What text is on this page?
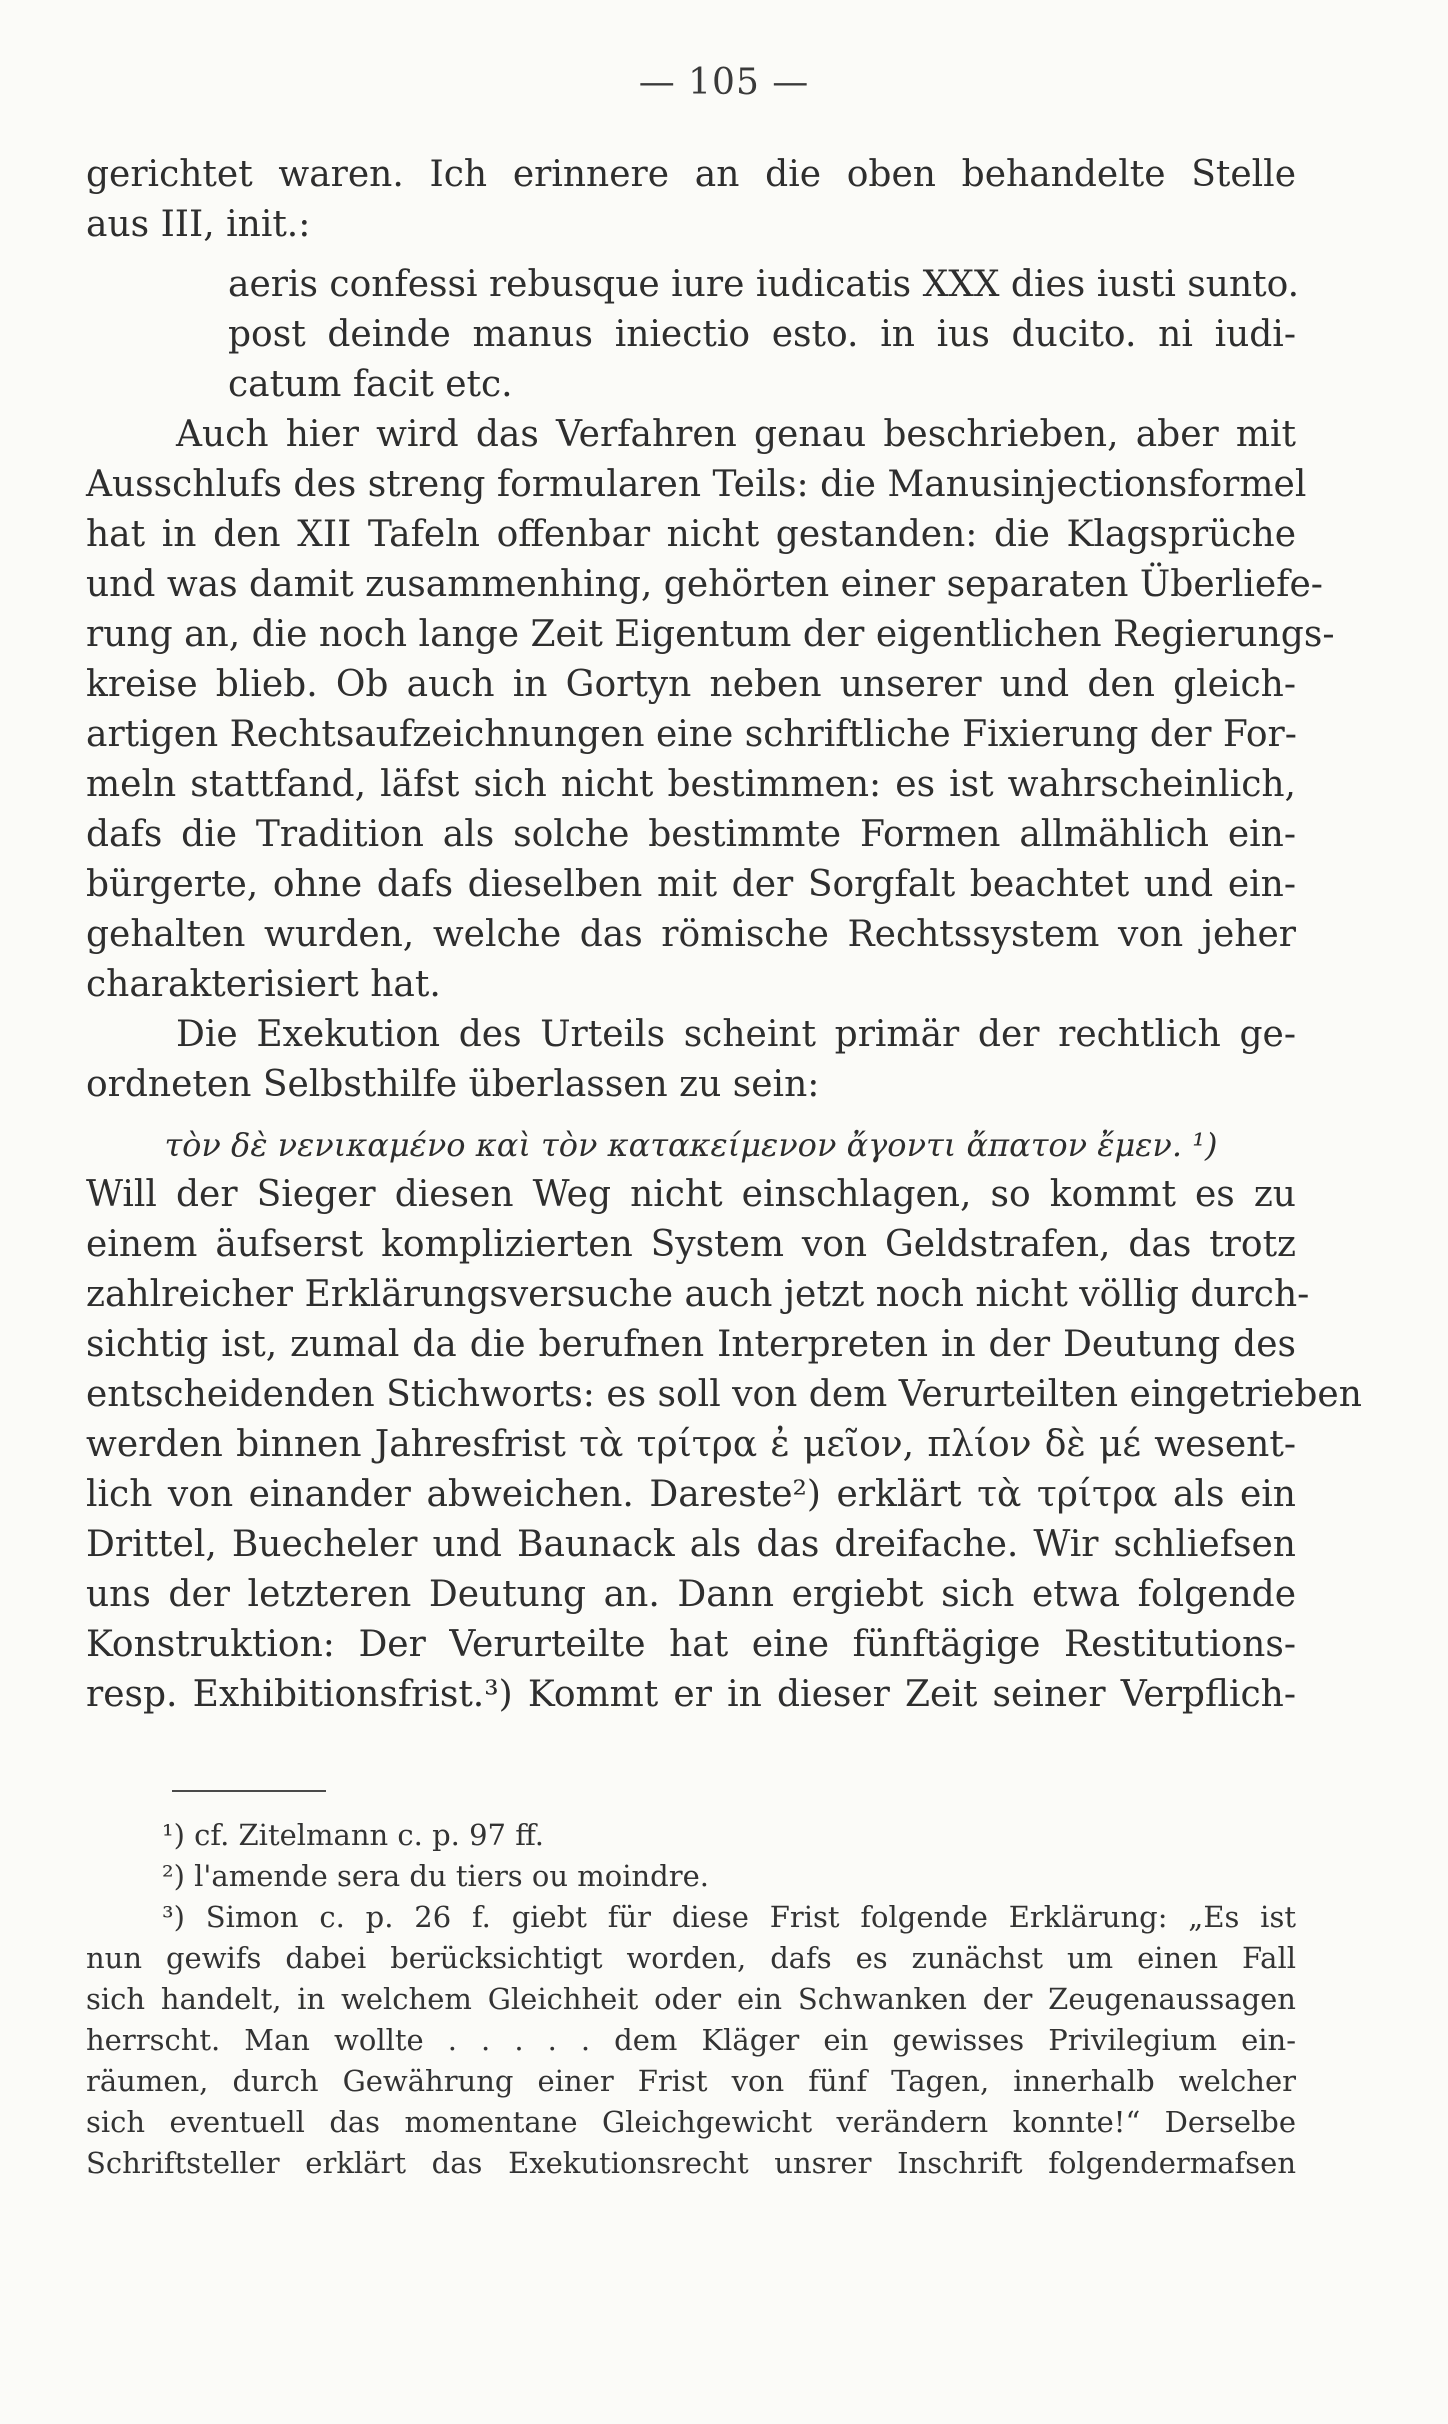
— 105 —
gerichtet waren. Ich erinnere an die oben behandelte Stelle
aus III, init.:
aeris confessi rebusque iure iudicatis XXX dies iusti sunto.
post deinde manus iniectio esto. in ius ducito. ni iudi-
catum facit etc.
Auch hier wird das Verfahren genau beschrieben, aber mit
Ausschlufs des streng formularen Teils: die Manusinjectionsformel
hat in den XII Tafeln offenbar nicht gestanden: die Klagsprüche
und was damit zusammenhing, gehörten einer separaten Überliefe-
rung an, die noch lange Zeit Eigentum der eigentlichen Regierungs-
kreise blieb. Ob auch in Gortyn neben unserer und den gleich-
artigen Rechtsaufzeichnungen eine schriftliche Fixierung der For-
meln stattfand, läfst sich nicht bestimmen: es ist wahrscheinlich,
dafs die Tradition als solche bestimmte Formen allmählich ein-
bürgerte, ohne dafs dieselben mit der Sorgfalt beachtet und ein-
gehalten wurden, welche das römische Rechtssystem von jeher
charakterisiert hat.
Die Exekution des Urteils scheint primär der rechtlich ge-
ordneten Selbsthilfe überlassen zu sein:
τὸν δὲ νενικαμένο καὶ τὸν κατακείμενον ἄγοντι ἄπατον ἔμεν. ¹)
Will der Sieger diesen Weg nicht einschlagen, so kommt es zu
einem äufserst komplizierten System von Geldstrafen, das trotz
zahlreicher Erklärungsversuche auch jetzt noch nicht völlig durch-
sichtig ist, zumal da die berufnen Interpreten in der Deutung des
entscheidenden Stichworts: es soll von dem Verurteilten eingetrieben
werden binnen Jahresfrist τὰ τρίτρα ἐ μεῖον, πλίον δὲ μέ wesent-
lich von einander abweichen. Dareste²) erklärt τὰ τρίτρα als ein
Drittel, Buecheler und Baunack als das dreifache. Wir schliefsen
uns der letzteren Deutung an. Dann ergiebt sich etwa folgende
Konstruktion: Der Verurteilte hat eine fünftägige Restitutions-
resp. Exhibitionsfrist.³) Kommt er in dieser Zeit seiner Verpflich-
¹) cf. Zitelmann c. p. 97 ff.
²) l'amende sera du tiers ou moindre.
³) Simon c. p. 26 f. giebt für diese Frist folgende Erklärung: „Es ist
nun gewifs dabei berücksichtigt worden, dafs es zunächst um einen Fall
sich handelt, in welchem Gleichheit oder ein Schwanken der Zeugenaussagen
herrscht. Man wollte . . . . . dem Kläger ein gewisses Privilegium ein-
räumen, durch Gewährung einer Frist von fünf Tagen, innerhalb welcher
sich eventuell das momentane Gleichgewicht verändern konnte!“ Derselbe
Schriftsteller erklärt das Exekutionsrecht unsrer Inschrift folgendermafsen
